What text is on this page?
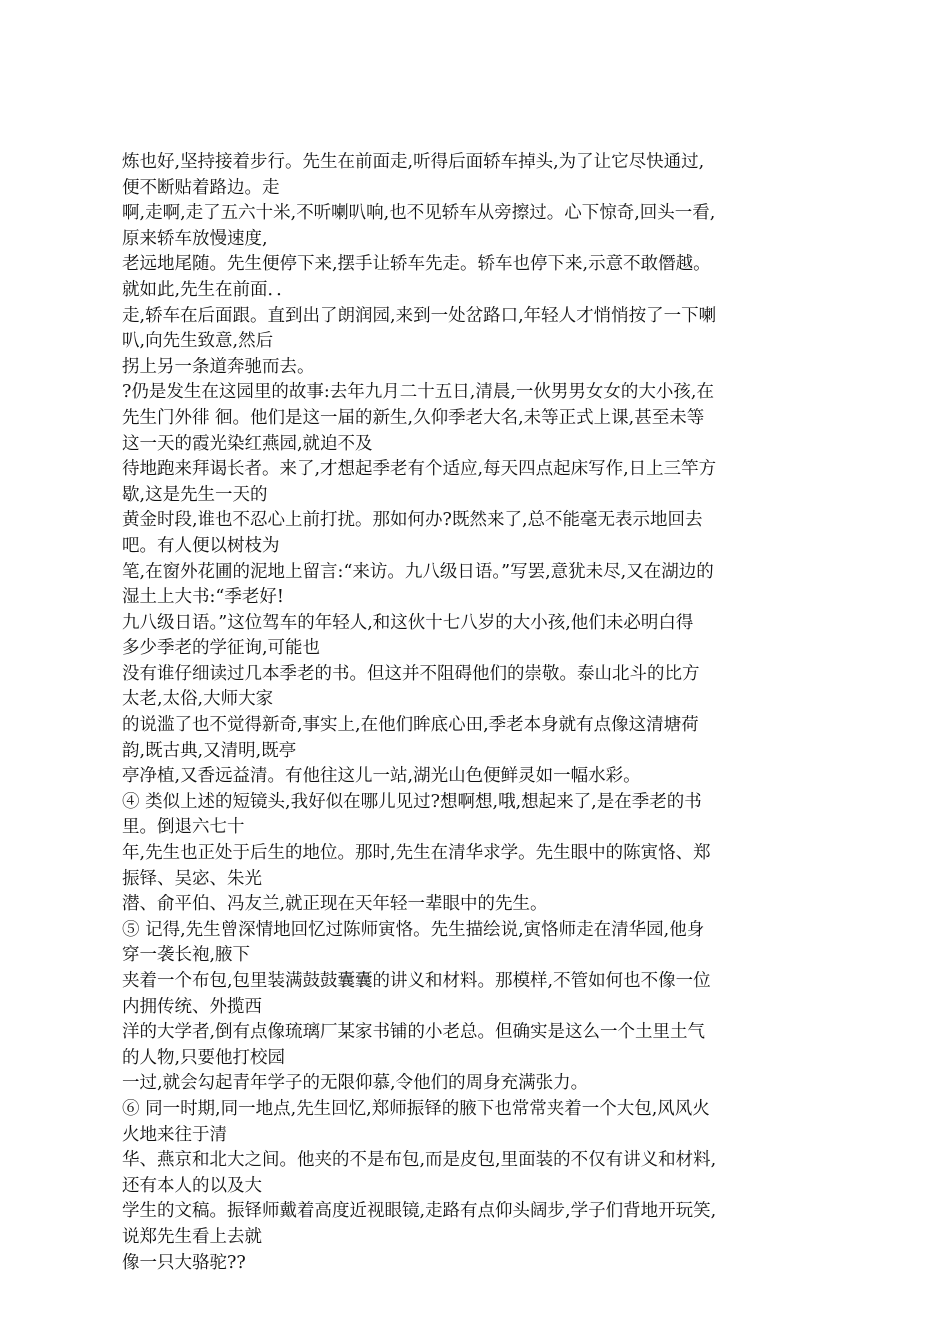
炼也好,坚持接着步行。先生在前面走,听得后面轿车掉头,为了让它尽快通过,
便不断贴着路边。走
啊,走啊,走了五六十米,不听喇叭响,也不见轿车从旁擦过。心下惊奇,回头一看,
原来轿车放慢速度,
老远地尾随。先生便停下来,摆手让轿车先走。轿车也停下来,示意不敢僭越。
就如此,先生在前面．．
走,轿车在后面跟。直到出了朗润园,来到一处岔路口,年轻人才悄悄按了一下喇
叭,向先生致意,然后
拐上另一条道奔驰而去。
?仍是发生在这园里的故事:去年九月二十五日,清晨,一伙男男女女的大小孩,在
先生门外徘 徊。他们是这一届的新生,久仰季老大名,未等正式上课,甚至未等
这一天的霞光染红燕园,就迫不及
待地跑来拜谒长者。来了,才想起季老有个适应,每天四点起床写作,日上三竿方
歇,这是先生一天的
黄金时段,谁也不忍心上前打扰。那如何办?既然来了,总不能毫无表示地回去
吧。有人便以树枝为
笔,在窗外花圃的泥地上留言:“来访。九八级日语。”写罢,意犹未尽,又在湖边的
湿土上大书:“季老好!
九八级日语。”这位驾车的年轻人,和这伙十七八岁的大小孩,他们未必明白得
多少季老的学征询,可能也
没有谁仔细读过几本季老的书。但这并不阻碍他们的崇敬。泰山北斗的比方
太老,太俗,大师大家
的说滥了也不觉得新奇,事实上,在他们眸底心田,季老本身就有点像这清塘荷
韵,既古典,又清明,既亭
亭净植,又香远益清。有他往这儿一站,湖光山色便鲜灵如一幅水彩。
④ 类似上述的短镜头,我好似在哪儿见过?想啊想,哦,想起来了,是在季老的书
里。倒退六七十
年,先生也正处于后生的地位。那时,先生在清华求学。先生眼中的陈寅恪、郑
振铎、吴宓、朱光
潜、俞平伯、冯友兰,就正现在天年轻一辈眼中的先生。
⑤ 记得,先生曾深情地回忆过陈师寅恪。先生描绘说,寅恪师走在清华园,他身
穿一袭长袍,腋下
夹着一个布包,包里装满鼓鼓囊囊的讲义和材料。那模样,不管如何也不像一位
内拥传统、外揽西
洋的大学者,倒有点像琉璃厂某家书铺的小老总。但确实是这么一个土里土气
的人物,只要他打校园
一过,就会勾起青年学子的无限仰慕,令他们的周身充满张力。
⑥ 同一时期,同一地点,先生回忆,郑师振铎的腋下也常常夹着一个大包,风风火
火地来往于清
华、燕京和北大之间。他夹的不是布包,而是皮包,里面装的不仅有讲义和材料,
还有本人的以及大
学生的文稿。振铎师戴着高度近视眼镜,走路有点仰头阔步,学子们背地开玩笑,
说郑先生看上去就
像一只大骆驼??
